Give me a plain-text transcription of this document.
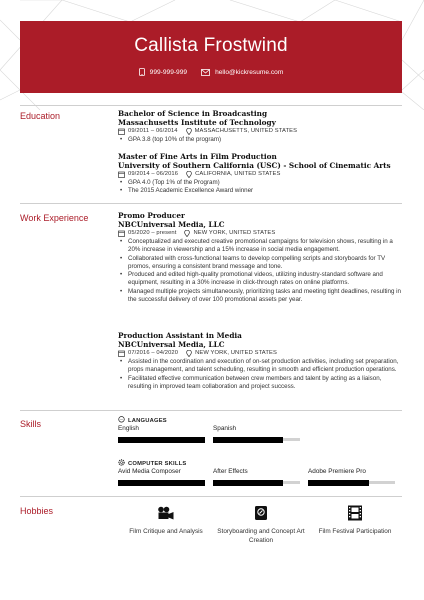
Callista Frostwind
999-999-999	hello@kickresume.com
Education	Bachelor of Science in Broadcasting
Massachusetts Institute of Technology
09/2011 – 06/2014	MASSACHUSETTS, UNITED STATES
• GPA 3.8 (top 10% of the program)
Master of Fine Arts in Film Production
University of Southern California (USC) - School of Cinematic Arts
09/2014 – 06/2016	CALIFORNIA, UNITED STATES
• GPA 4.0 (Top 1% of the Program)
• The 2015 Academic Excellence Award winner
Work Experience	Promo Producer
NBCUniversal Media, LLC
05/2020 – present	NEW YORK, UNITED STATES
• Conceptualized and executed creative promotional campaigns for television shows, resulting in a 20% increase in viewership and a 15% increase in social media engagement.
• Collaborated with cross-functional teams to develop compelling scripts and storyboards for TV promos, ensuring a consistent brand message and tone.
• Produced and edited high-quality promotional videos, utilizing industry-standard software and equipment, resulting in a 30% increase in click-through rates on online platforms.
• Managed multiple projects simultaneously, prioritizing tasks and meeting tight deadlines, resulting in the successful delivery of over 100 promotional assets per year.
Production Assistant in Media
NBCUniversal Media, LLC
07/2016 – 04/2020	NEW YORK, UNITED STATES
• Assisted in the coordination and execution of on-set production activities, including set preparation, props management, and talent scheduling, resulting in smooth and efficient production operations.
• Facilitated effective communication between crew members and talent by acting as a liaison, resulting in improved team collaboration and project success.
Skills	LANGUAGES
English	Spanish
COMPUTER SKILLS
Avid Media Composer	After Effects	Adobe Premiere Pro
Hobbies
Film Critique and Analysis	Storyboarding and Concept Art Creation
Film Festival Participation
